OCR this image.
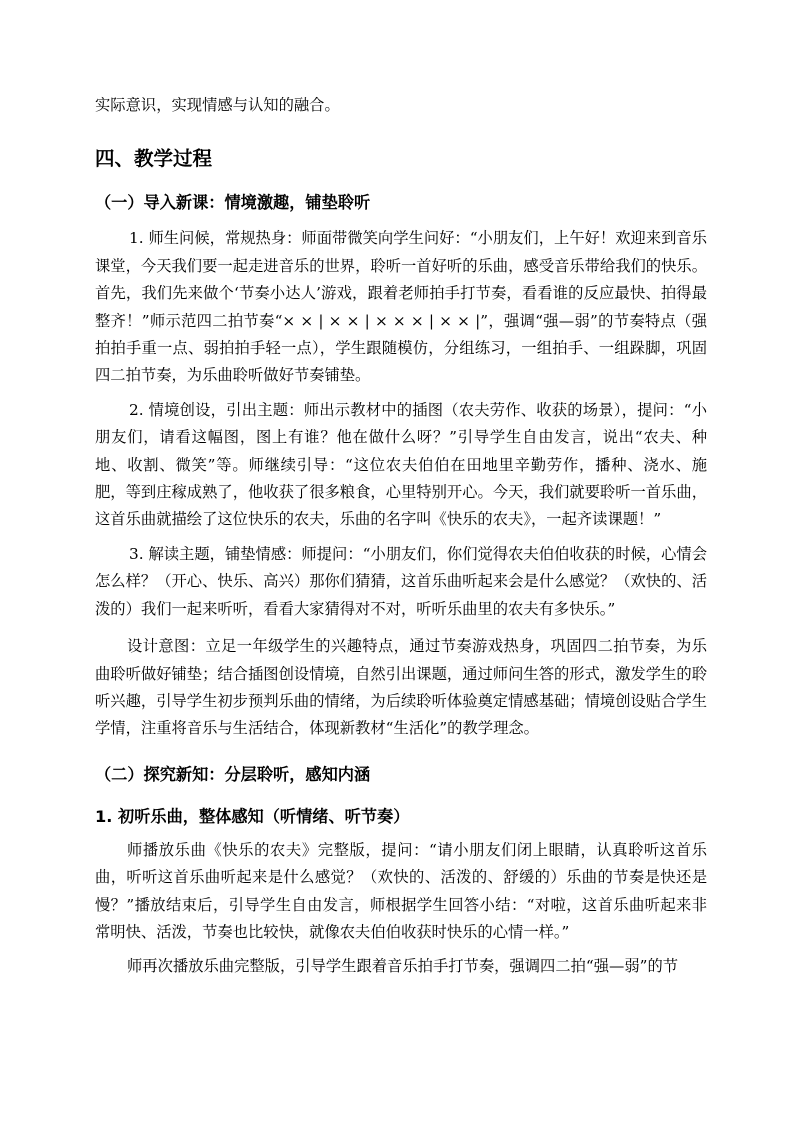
实际意识，实现情感与认知的融合。

四、教学过程

（一）导入新课：情境激趣，铺垫聆听

1. 师生问候，常规热身：师面带微笑向学生问好：“小朋友们，上午好！欢迎来到音乐课堂，今天我们要一起走进音乐的世界，聆听一首好听的乐曲，感受音乐带给我们的快乐。首先，我们先来做个‘节奏小达人’游戏，跟着老师拍手打节奏，看看谁的反应最快、拍得最整齐！”师示范四二拍节奏“× × | × × | × × × | × × |”，强调“强—弱”的节奏特点（强拍拍手重一点、弱拍拍手轻一点），学生跟随模仿，分组练习，一组拍手、一组跺脚，巩固四二拍节奏，为乐曲聆听做好节奏铺垫。

2. 情境创设，引出主题：师出示教材中的插图（农夫劳作、收获的场景），提问：“小朋友们，请看这幅图，图上有谁？他在做什么呀？”引导学生自由发言，说出“农夫、种地、收割、微笑”等。师继续引导：“这位农夫伯伯在田地里辛勤劳作，播种、浇水、施肥，等到庄稼成熟了，他收获了很多粮食，心里特别开心。今天，我们就要聆听一首乐曲，这首乐曲就描绘了这位快乐的农夫，乐曲的名字叫《快乐的农夫》，一起齐读课题！”

3. 解读主题，铺垫情感：师提问：“小朋友们，你们觉得农夫伯伯收获的时候，心情会怎么样？（开心、快乐、高兴）那你们猜猜，这首乐曲听起来会是什么感觉？（欢快的、活泼的）我们一起来听听，看看大家猜得对不对，听听乐曲里的农夫有多快乐。”

设计意图：立足一年级学生的兴趣特点，通过节奏游戏热身，巩固四二拍节奏，为乐曲聆听做好铺垫；结合插图创设情境，自然引出课题，通过师问生答的形式，激发学生的聆听兴趣，引导学生初步预判乐曲的情绪，为后续聆听体验奠定情感基础；情境创设贴合学生学情，注重将音乐与生活结合，体现新教材“生活化”的教学理念。

（二）探究新知：分层聆听，感知内涵

1. 初听乐曲，整体感知（听情绪、听节奏）

师播放乐曲《快乐的农夫》完整版，提问：“请小朋友们闭上眼睛，认真聆听这首乐曲，听听这首乐曲听起来是什么感觉？（欢快的、活泼的、舒缓的）乐曲的节奏是快还是慢？”播放结束后，引导学生自由发言，师根据学生回答小结：“对啦，这首乐曲听起来非常明快、活泼，节奏也比较快，就像农夫伯伯收获时快乐的心情一样。”

师再次播放乐曲完整版，引导学生跟着音乐拍手打节奏，强调四二拍“强—弱”的节
